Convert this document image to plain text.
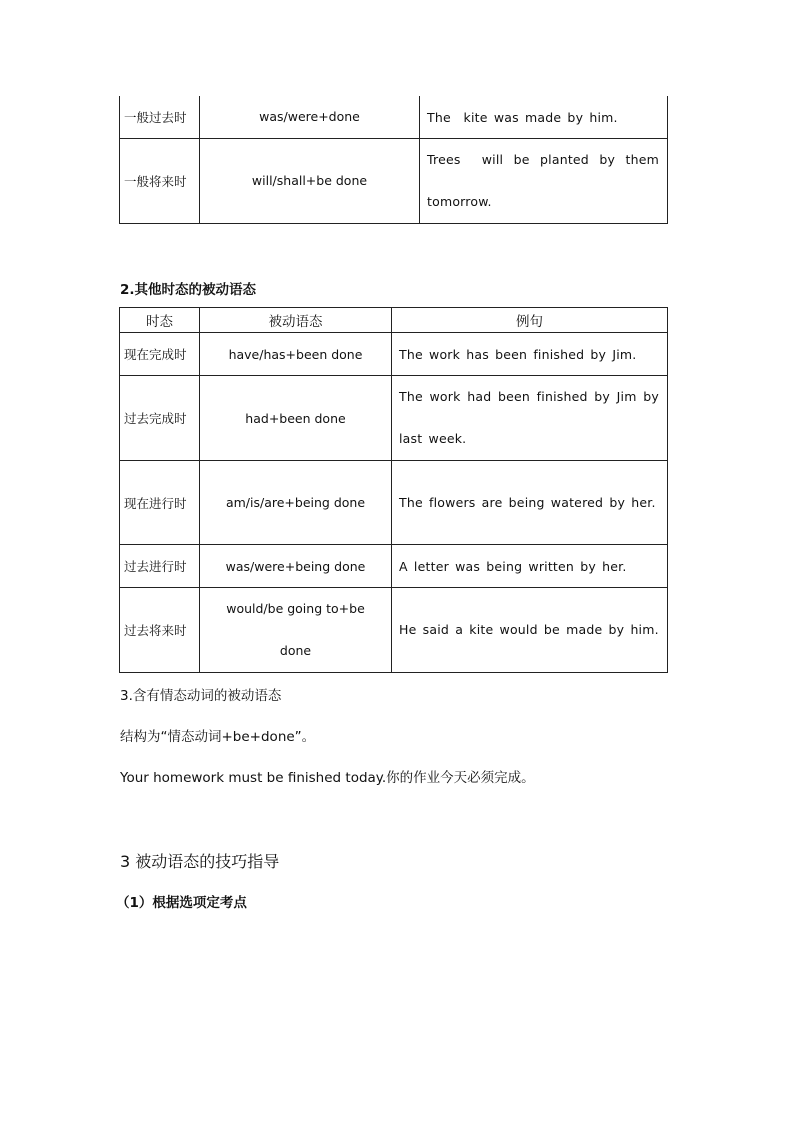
一般过去时	was/were+done	The　kite was made by him.
一般将来时	will/shall+be done	Trees　will be planted by them tomorrow.
2.其他时态的被动语态
时态	被动语态	例句
现在完成时	have/has+been done	The work has been finished by Jim.
过去完成时	had+been done	The work had been finished by Jim by last week.
现在进行时	am/is/are+being done	The flowers are being watered by her.
过去进行时	was/were+being done	A letter was being written by her.
过去将来时	would/be going to+be done	He said a kite would be made by him.
3.含有情态动词的被动语态
结构为“情态动词+be+done”。
Your homework must be finished today.你的作业今天必须完成。
3 被动语态的技巧指导
（1）根据选项定考点
